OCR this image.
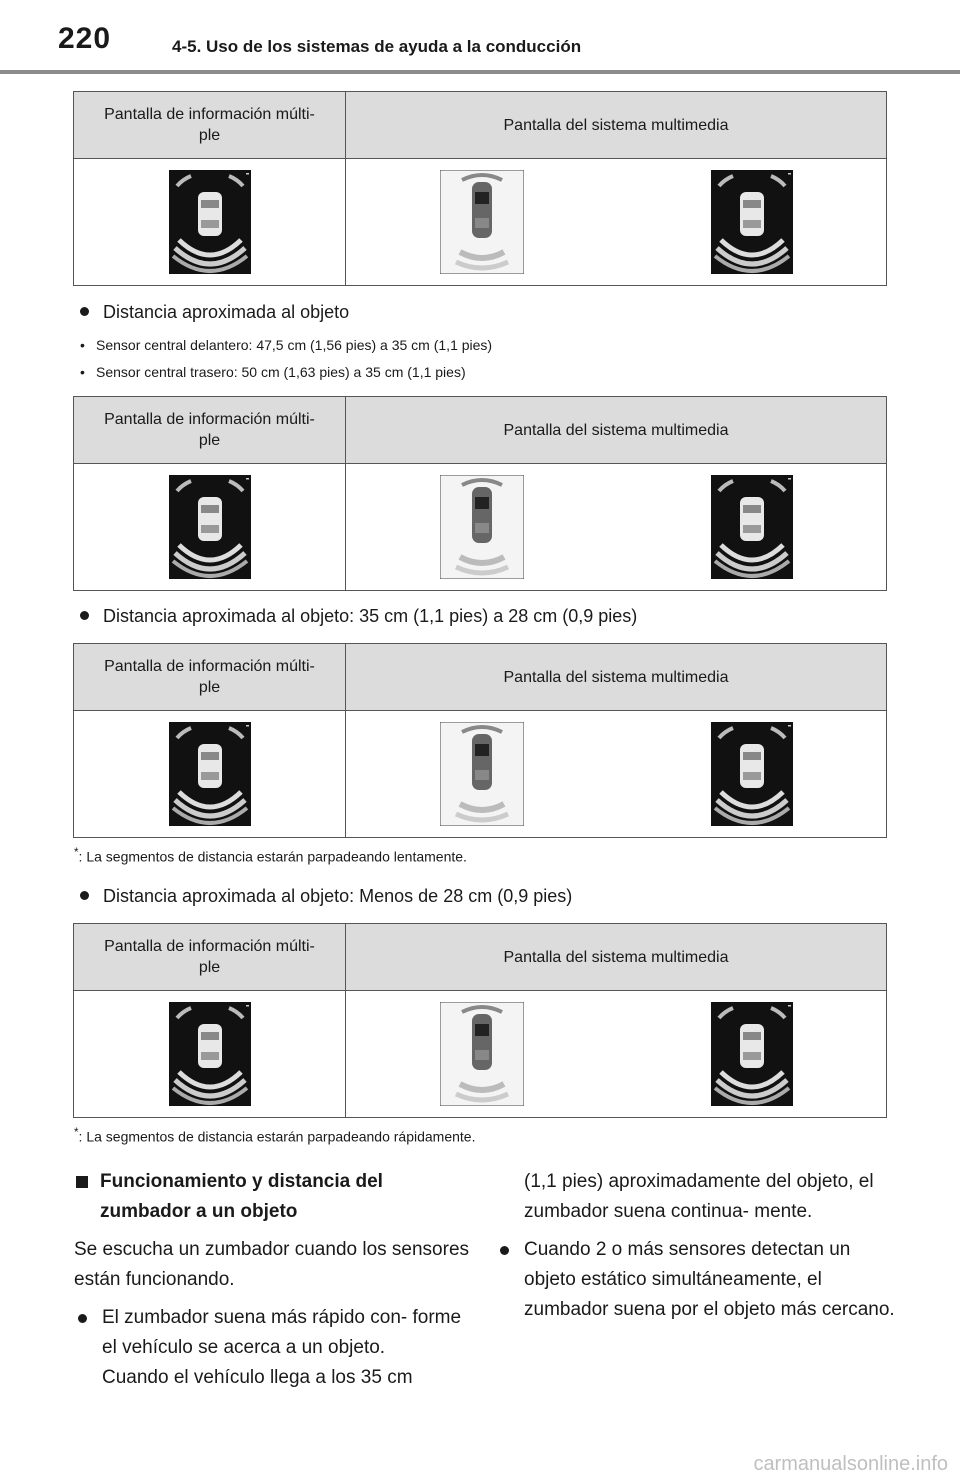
220	4-5. Uso de los sistemas de ayuda a la conducción
Pantalla de información múlti-
ple	Pantalla del sistema multimedia

Distancia aproximada al objeto
• Sensor central delantero: 47,5 cm (1,56 pies) a 35 cm (1,1 pies)
• Sensor central trasero: 50 cm (1,63 pies) a 35 cm (1,1 pies)
Pantalla de información múlti-
ple	Pantalla del sistema multimedia

Distancia aproximada al objeto: 35 cm (1,1 pies) a 28 cm (0,9 pies)
Pantalla de información múlti-
ple	Pantalla del sistema multimedia

*: La segmentos de distancia estarán parpadeando lentamente.
Distancia aproximada al objeto: Menos de 28 cm (0,9 pies)
Pantalla de información múlti-
ple	Pantalla del sistema multimedia

*: La segmentos de distancia estarán parpadeando rápidamente.
Funcionamiento y distancia del zumbador a un objeto
Se escucha un zumbador cuando los sensores están funcionando.
El zumbador suena más rápido con- forme el vehículo se acerca a un objeto.
Cuando el vehículo llega a los 35 cm
(1,1 pies) aproximadamente del objeto, el zumbador suena continua- mente.
Cuando 2 o más sensores detectan un objeto estático simultáneamente, el zumbador suena por el objeto más cercano.
carmanualsonline.info
